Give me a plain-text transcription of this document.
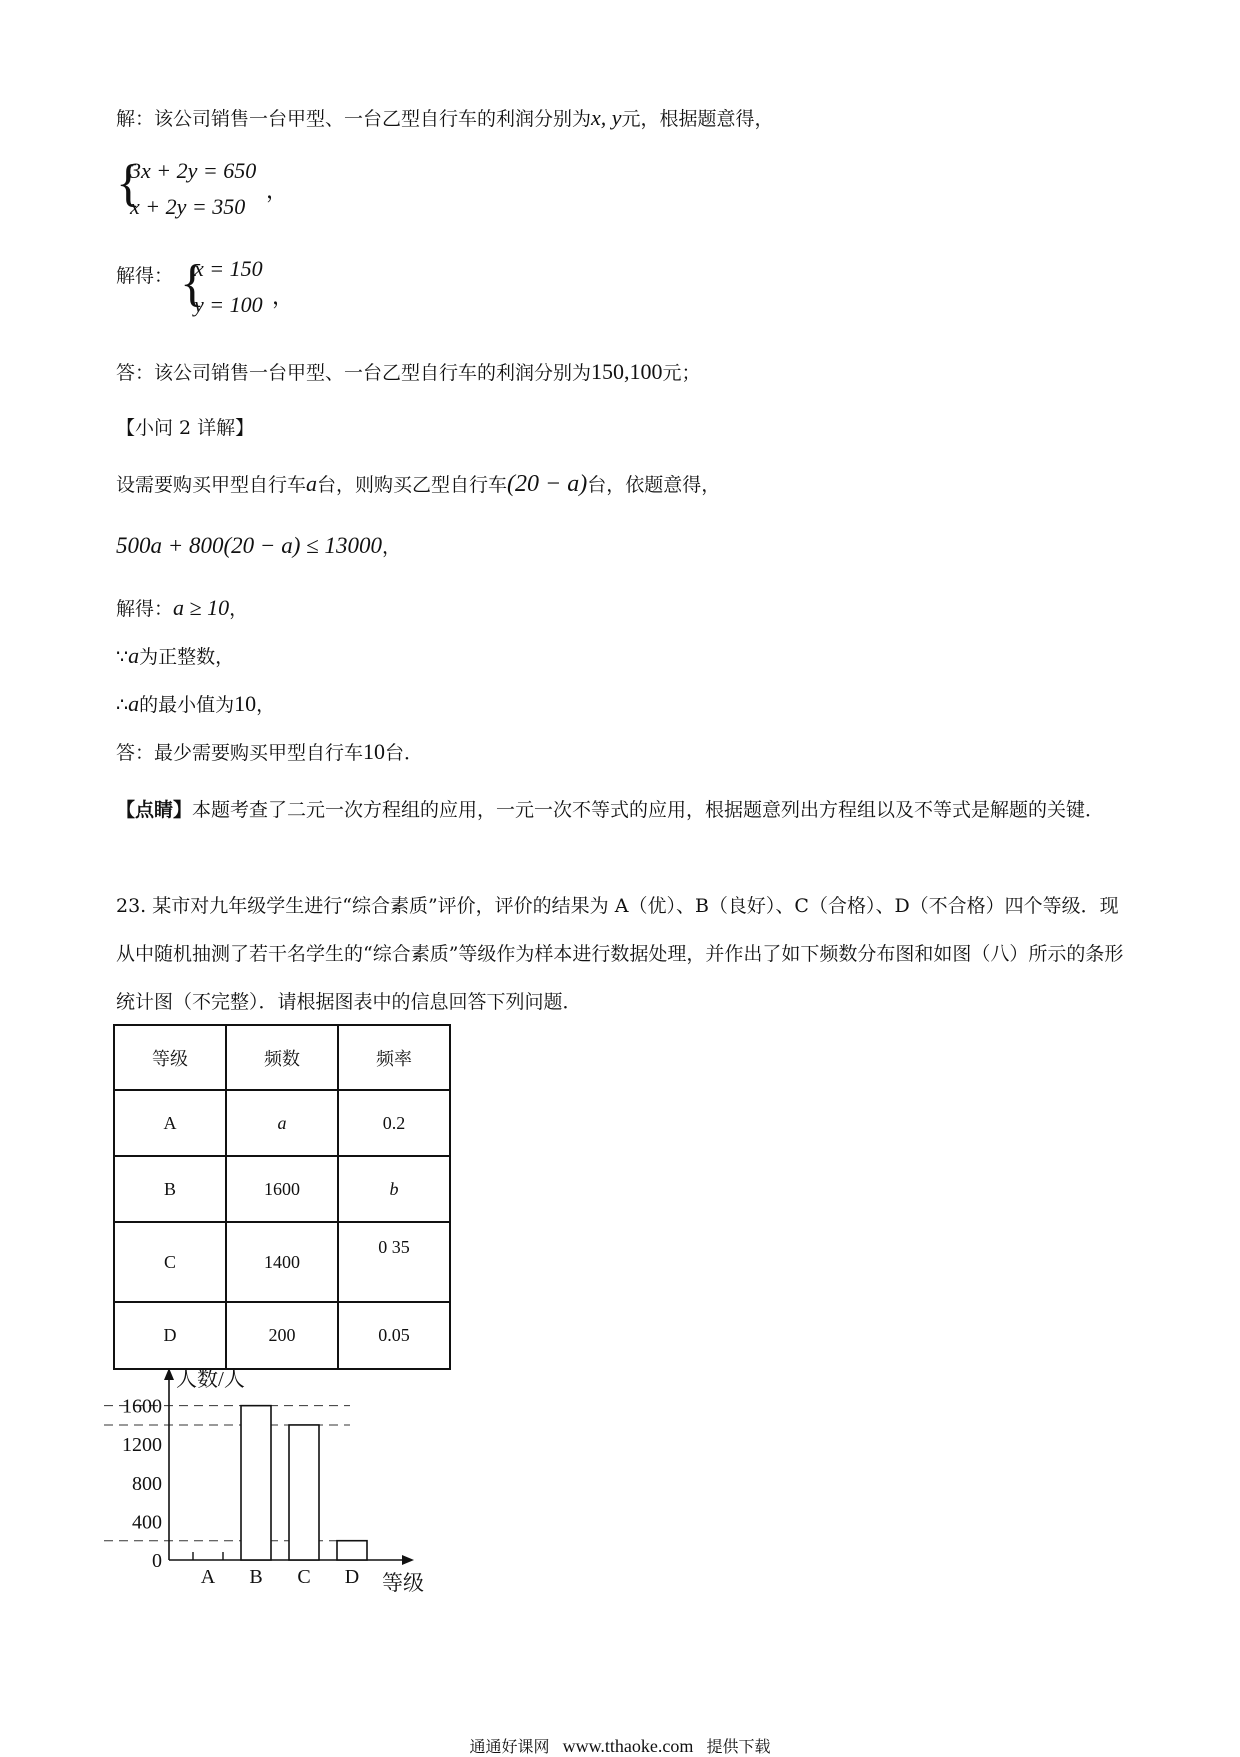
解：该公司销售一台甲型、一台乙型自行车的利润分别为x, y元，根据题意得，
{
3x + 2y = 650
x + 2y = 350
，
解得： {
x = 150
y = 100 ，
答：该公司销售一台甲型、一台乙型自行车的利润分别为150,100元；
【小问 2 详解】
设需要购买甲型自行车a台，则购买乙型自行车(20 − a)台，依题意得，
500a + 800(20 − a) ≤ 13000，
解得：a ≥ 10，
∵a为正整数，
∴a的最小值为10，
答：最少需要购买甲型自行车10台．
【点睛】本题考查了二元一次方程组的应用，一元一次不等式的应用，根据题意列出方程组以及不等式是解题的关键．
23. 某市对九年级学生进行“综合素质”评价，评价的结果为 A（优）、B（良好）、C（合格）、D（不合格）四个等级．现从中随机抽测了若干名学生的“综合素质”等级作为样本进行数据处理，并作出了如下频数分布图和如图（八）所示的条形统计图（不完整）．请根据图表中的信息回答下列问题．
等级	频数	频率
A	a	0.2
B	1600	b
C	1400	0 35
D	200	0.05
1600
1200
800
400
0
A B C D
人数/人
等级
通通好课网 www.tthaoke.com 提供下载
